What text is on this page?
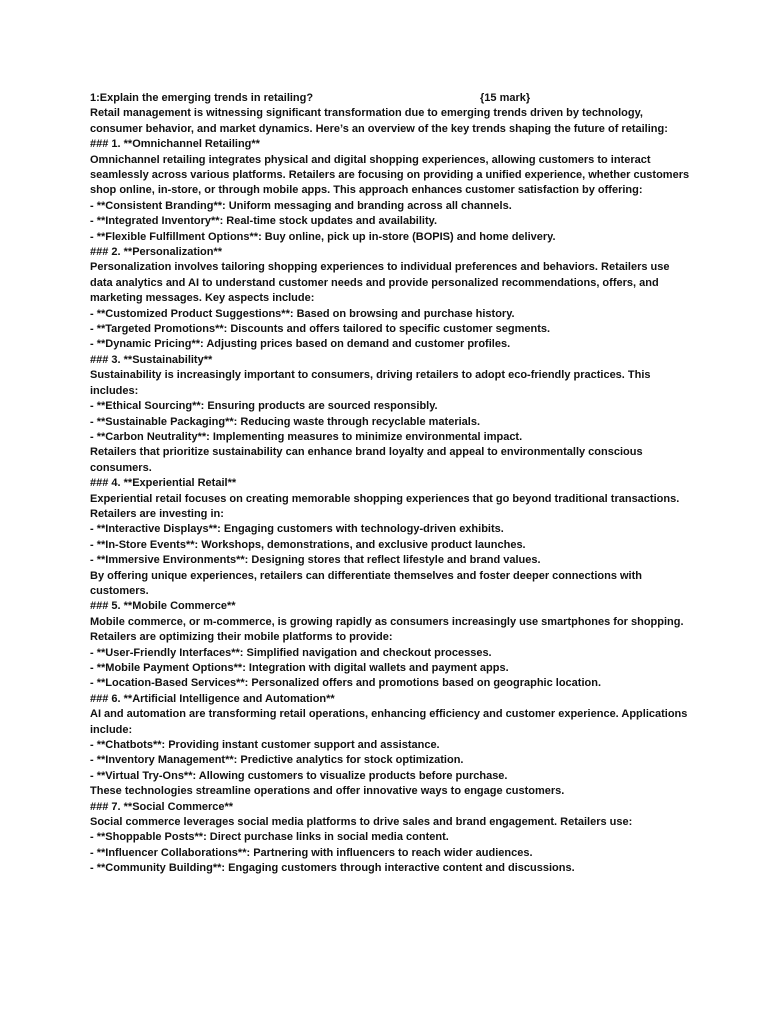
1:Explain the emerging trends in retailing?	{15 mark}

Retail management is witnessing significant transformation due to emerging trends driven by technology, consumer behavior, and market dynamics. Here’s an overview of the key trends shaping the future of retailing:

### 1. **Omnichannel Retailing**

Omnichannel retailing integrates physical and digital shopping experiences, allowing customers to interact seamlessly across various platforms. Retailers are focusing on providing a unified experience, whether customers shop online, in-store, or through mobile apps. This approach enhances customer satisfaction by offering:

- **Consistent Branding**: Uniform messaging and branding across all channels.

- **Integrated Inventory**: Real-time stock updates and availability.

- **Flexible Fulfillment Options**: Buy online, pick up in-store (BOPIS) and home delivery.

### 2. **Personalization**

Personalization involves tailoring shopping experiences to individual preferences and behaviors. Retailers use data analytics and AI to understand customer needs and provide personalized recommendations, offers, and marketing messages. Key aspects include:

- **Customized Product Suggestions**: Based on browsing and purchase history.

- **Targeted Promotions**: Discounts and offers tailored to specific customer segments.

- **Dynamic Pricing**: Adjusting prices based on demand and customer profiles.

### 3. **Sustainability**

Sustainability is increasingly important to consumers, driving retailers to adopt eco-friendly practices. This includes:

- **Ethical Sourcing**: Ensuring products are sourced responsibly.

- **Sustainable Packaging**: Reducing waste through recyclable materials.

- **Carbon Neutrality**: Implementing measures to minimize environmental impact.

Retailers that prioritize sustainability can enhance brand loyalty and appeal to environmentally conscious consumers.

### 4. **Experiential Retail**

Experiential retail focuses on creating memorable shopping experiences that go beyond traditional transactions. Retailers are investing in:

- **Interactive Displays**: Engaging customers with technology-driven exhibits.

- **In-Store Events**: Workshops, demonstrations, and exclusive product launches.

- **Immersive Environments**: Designing stores that reflect lifestyle and brand values.

By offering unique experiences, retailers can differentiate themselves and foster deeper connections with customers.

### 5. **Mobile Commerce**

Mobile commerce, or m-commerce, is growing rapidly as consumers increasingly use smartphones for shopping. Retailers are optimizing their mobile platforms to provide:

- **User-Friendly Interfaces**: Simplified navigation and checkout processes.

- **Mobile Payment Options**: Integration with digital wallets and payment apps.

- **Location-Based Services**: Personalized offers and promotions based on geographic location.

### 6. **Artificial Intelligence and Automation**

AI and automation are transforming retail operations, enhancing efficiency and customer experience. Applications include:

- **Chatbots**: Providing instant customer support and assistance.

- **Inventory Management**: Predictive analytics for stock optimization.

- **Virtual Try-Ons**: Allowing customers to visualize products before purchase.

These technologies streamline operations and offer innovative ways to engage customers.

### 7. **Social Commerce**

Social commerce leverages social media platforms to drive sales and brand engagement. Retailers use:

- **Shoppable Posts**: Direct purchase links in social media content.

- **Influencer Collaborations**: Partnering with influencers to reach wider audiences.

- **Community Building**: Engaging customers through interactive content and discussions.
